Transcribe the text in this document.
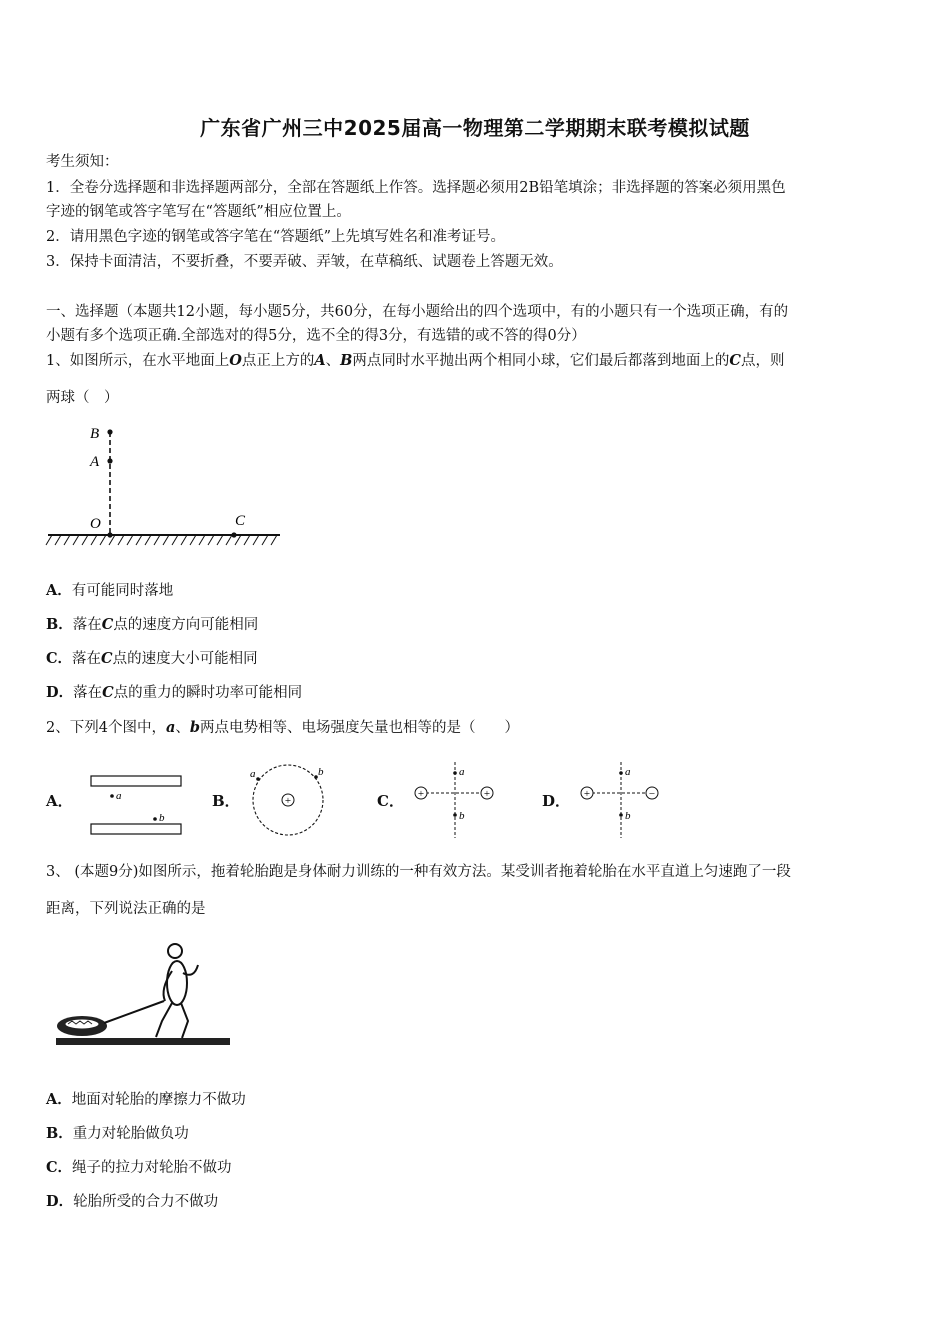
广东省广州三中2025届高一物理第二学期期末联考模拟试题
考生须知：
1．全卷分选择题和非选择题两部分，全部在答题纸上作答。选择题必须用2B铅笔填涂；非选择题的答案必须用黑色
字迹的钢笔或答字笔写在“答题纸”相应位置上。
2．请用黑色字迹的钢笔或答字笔在“答题纸”上先填写姓名和准考证号。
3．保持卡面清洁，不要折叠，不要弄破、弄皱，在草稿纸、试题卷上答题无效。
一、选择题（本题共12小题，每小题5分，共60分，在每小题给出的四个选项中，有的小题只有一个选项正确，有的
小题有多个选项正确.全部选对的得5分，选不全的得3分，有选错的或不答的得0分）
1、如图所示，在水平地面上O点正上方的A、B两点同时水平抛出两个相同小球，它们最后都落到地面上的C点，则
两球（　）
B
A
O	C
A．有可能同时落地
B．落在C点的速度方向可能相同
C．落在C点的速度大小可能相同
D．落在C点的重力的瞬时功率可能相同
2、下列4个图中，a、b两点电势相等、电场强度矢量也相等的是（　　）
A．	a
b
B．	+
a	b
C． +	+
a
b
D． +	−
a
b
3、 (本题9分)如图所示，拖着轮胎跑是身体耐力训练的一种有效方法。某受训者拖着轮胎在水平直道上匀速跑了一段
距离，下列说法正确的是
A．地面对轮胎的摩擦力不做功
B．重力对轮胎做负功
C．绳子的拉力对轮胎不做功
D．轮胎所受的合力不做功
